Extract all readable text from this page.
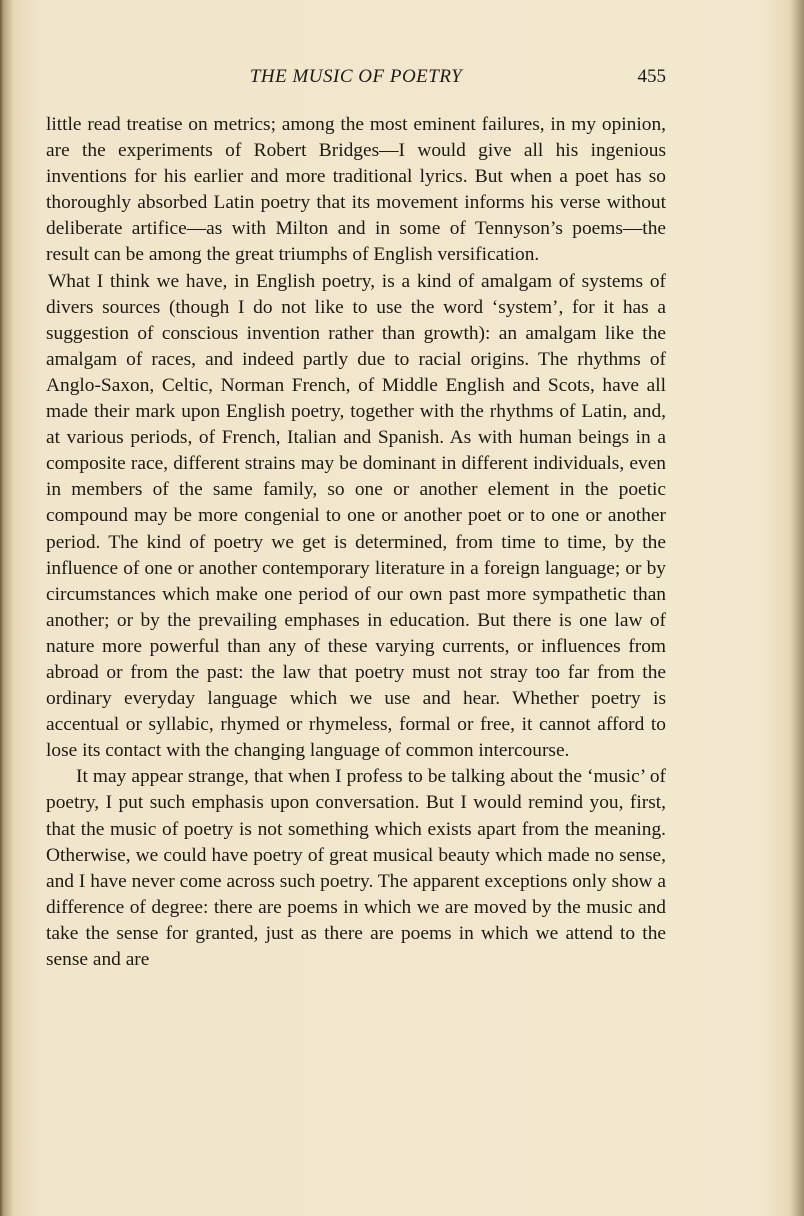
THE MUSIC OF POETRY	455

little read treatise on metrics; among the most eminent failures, in my opinion, are the experiments of Robert Bridges—I would give all his ingenious inventions for his earlier and more traditional lyrics. But when a poet has so thoroughly absorbed Latin poetry that its movement informs his verse without deliberate artifice—as with Milton and in some of Tennyson’s poems—the result can be among the great triumphs of English versification.

What I think we have, in English poetry, is a kind of amalgam of systems of divers sources (though I do not like to use the word ‘system’, for it has a suggestion of conscious invention rather than growth): an amalgam like the amalgam of races, and indeed partly due to racial origins. The rhythms of Anglo-Saxon, Celtic, Norman French, of Middle English and Scots, have all made their mark upon English poetry, together with the rhythms of Latin, and, at various periods, of French, Italian and Spanish. As with human beings in a composite race, different strains may be dominant in different individuals, even in members of the same family, so one or another element in the poetic compound may be more congenial to one or another poet or to one or another period. The kind of poetry we get is determined, from time to time, by the influence of one or another contemporary literature in a foreign language; or by circumstances which make one period of our own past more sympathetic than another; or by the prevailing emphases in education. But there is one law of nature more powerful than any of these varying currents, or influences from abroad or from the past: the law that poetry must not stray too far from the ordinary everyday language which we use and hear. Whether poetry is accentual or syllabic, rhymed or rhymeless, formal or free, it cannot afford to lose its contact with the changing language of common intercourse.

It may appear strange, that when I profess to be talking about the ‘music’ of poetry, I put such emphasis upon conversation. But I would remind you, first, that the music of poetry is not something which exists apart from the meaning. Otherwise, we could have poetry of great musical beauty which made no sense, and I have never come across such poetry. The apparent exceptions only show a difference of degree: there are poems in which we are moved by the music and take the sense for granted, just as there are poems in which we attend to the sense and are
